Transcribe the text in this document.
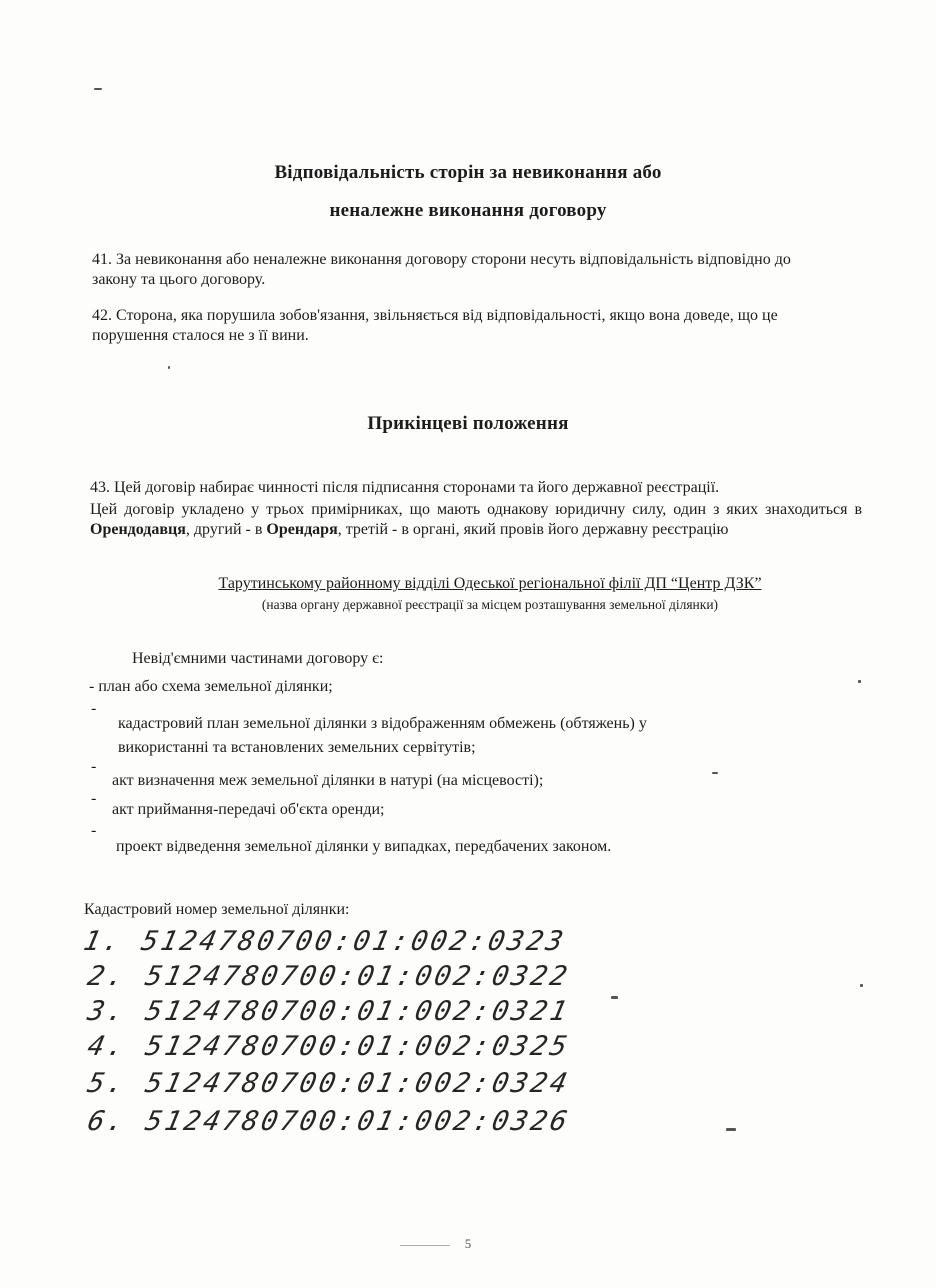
Відповідальність сторін за невиконання або
неналежне виконання договору
41. За невиконання або неналежне виконання договору сторони несуть відповідальність відповідно до закону та цього договору.
42. Сторона, яка порушила зобов'язання, звільняється від відповідальності, якщо вона доведе, що це порушення сталося не з її вини.
Прикінцеві положення
43. Цей договір набирає чинності після підписання сторонами та його державної реєстрації.
Цей договір укладено у трьох примірниках, що мають однакову юридичну силу, один з яких знаходиться в Орендодавця, другий - в Орендаря, третій - в органі, який провів його державну реєстрацію
Тарутинському районному відділі Одеської регіональної філії ДП “Центр ДЗК”
(назва органу державної реєстрації за місцем розташування земельної ділянки)
Невід'ємними частинами договору є:
- план або схема земельної ділянки;
-
кадастровий план земельної ділянки з відображенням обмежень (обтяжень) у
використанні та встановлених земельних сервітутів;
-
акт визначення меж земельної ділянки в натурі (на місцевості);
-
акт приймання-передачі об'єкта оренди;
-
проект відведення земельної ділянки у випадках, передбачених законом.
Кадастровий номер земельної ділянки:
1. 5124780700:01:002:0323
2. 5124780700:01:002:0322
3. 5124780700:01:002:0321
4. 5124780700:01:002:0325
5. 5124780700:01:002:0324
6. 5124780700:01:002:0326
5
